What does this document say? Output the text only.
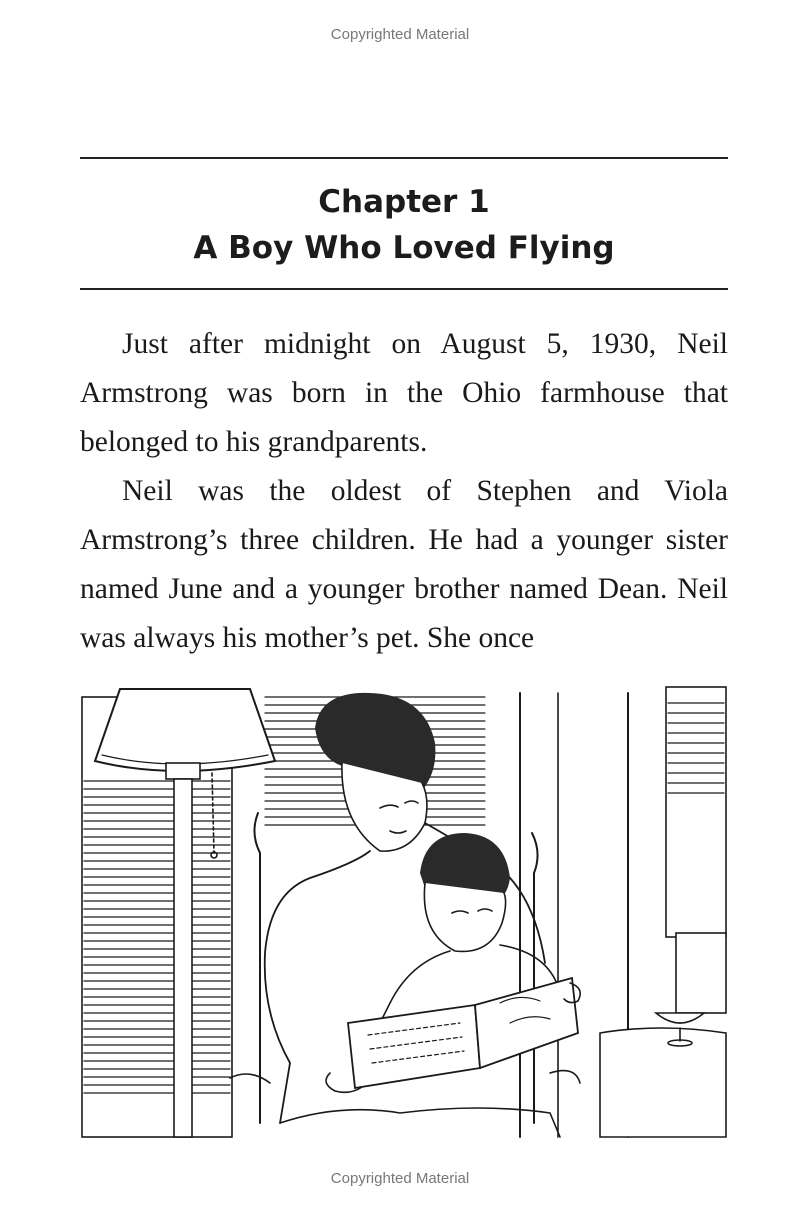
Copyrighted Material
Chapter 1
A Boy Who Loved Flying

Just after midnight on August 5, 1930, Neil Armstrong was born in the Ohio farmhouse that belonged to his grandparents.

Neil was the oldest of Stephen and Viola Armstrong’s three children. He had a younger sister named June and a younger brother named Dean. Neil was always his mother’s pet. She once

Copyrighted Material
